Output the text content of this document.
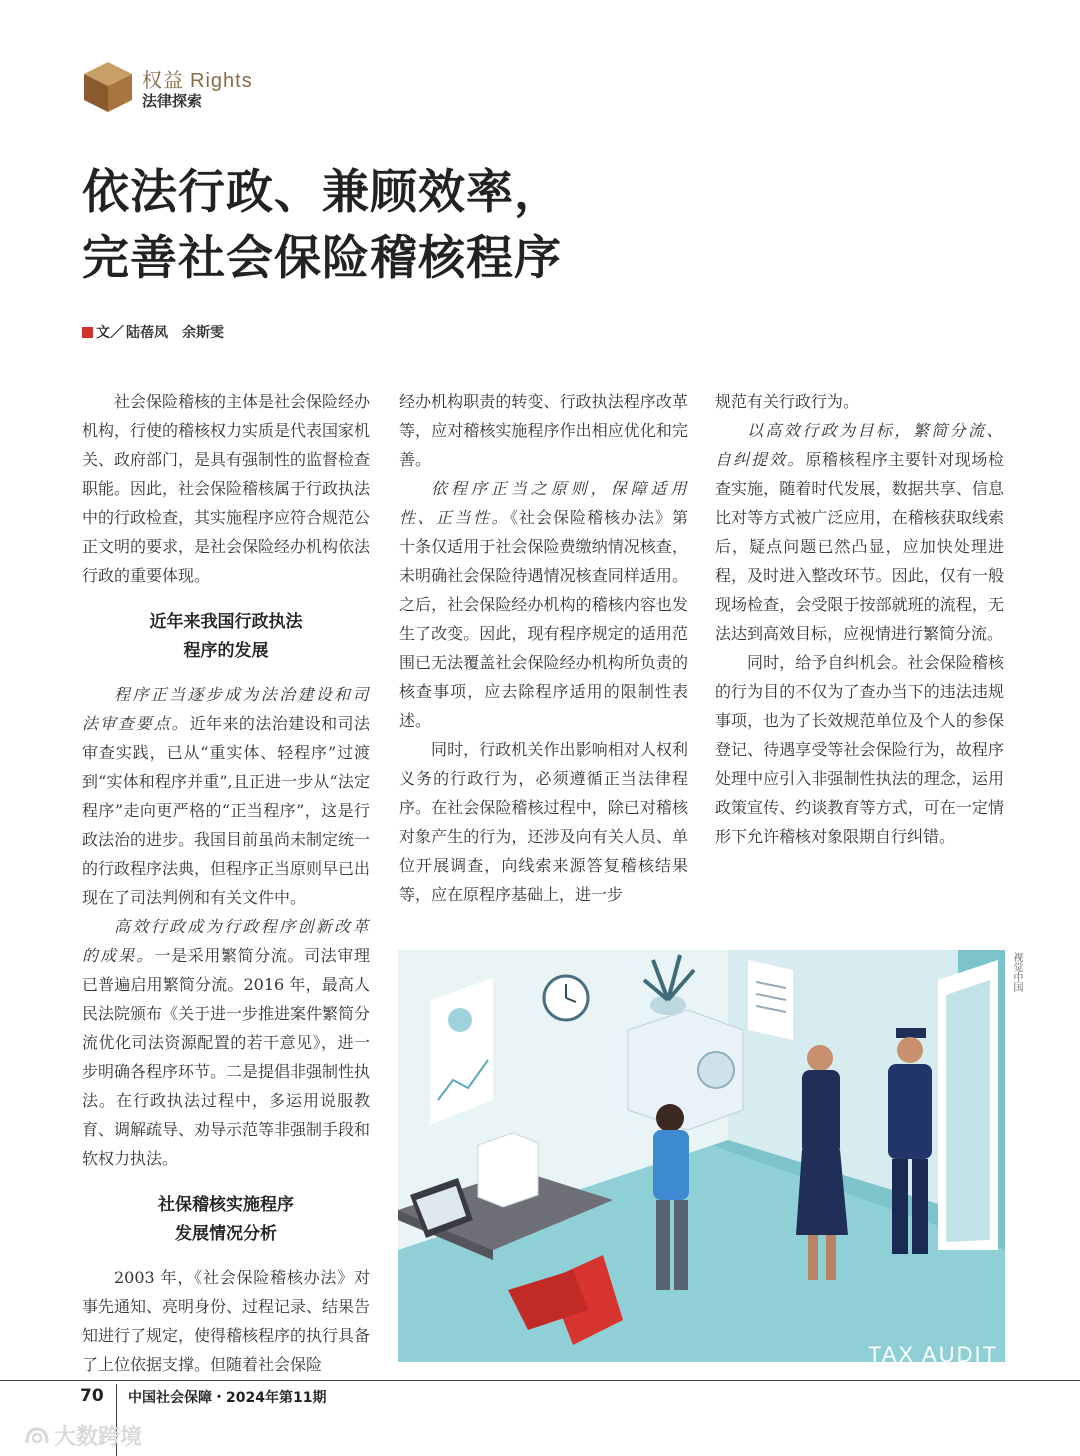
权益 Rights
法律探索
依法行政、兼顾效率，
完善社会保险稽核程序
文／ 陆蓓凤　余斯雯

社会保险稽核的主体是社会保险经办机构，行使的稽核权力实质是代表国家机关、政府部门，是具有强制性的监督检查职能。因此，社会保险稽核属于行政执法中的行政检查，其实施程序应符合规范公正文明的要求，是社会保险经办机构依法行政的重要体现。

近年来我国行政执法
程序的发展

程序正当逐步成为法治建设和司法审查要点。近年来的法治建设和司法审查实践，已从“重实体、轻程序”过渡到“实体和程序并重”,且正进一步从“法定程序”走向更严格的“正当程序”，这是行政法治的进步。我国目前虽尚未制定统一的行政程序法典，但程序正当原则早已出现在了司法判例和有关文件中。

高效行政成为行政程序创新改革的成果。一是采用繁简分流。司法审理已普遍启用繁简分流。2016 年，最高人民法院颁布《关于进一步推进案件繁简分流优化司法资源配置的若干意见》，进一步明确各程序环节。二是提倡非强制性执法。在行政执法过程中，多运用说服教育、调解疏导、劝导示范等非强制手段和软权力执法。

社保稽核实施程序
发展情况分析

2003 年，《社会保险稽核办法》对事先通知、亮明身份、过程记录、结果告知进行了规定，使得稽核程序的执行具备了上位依据支撑。但随着社会保险

经办机构职责的转变、行政执法程序改革等，应对稽核实施程序作出相应优化和完善。

依程序正当之原则，保障适用性、正当性。《社会保险稽核办法》第十条仅适用于社会保险费缴纳情况核查，未明确社会保险待遇情况核查同样适用。之后，社会保险经办机构的稽核内容也发生了改变。因此，现有程序规定的适用范围已无法覆盖社会保险经办机构所负责的核查事项，应去除程序适用的限制性表述。

同时，行政机关作出影响相对人权利义务的行政行为，必须遵循正当法律程序。在社会保险稽核过程中，除已对稽核对象产生的行为，还涉及向有关人员、单位开展调查，向线索来源答复稽核结果等，应在原程序基础上，进一步

规范有关行政行为。

以高效行政为目标，繁简分流、自纠提效。原稽核程序主要针对现场检查实施，随着时代发展，数据共享、信息比对等方式被广泛应用，在稽核获取线索后，疑点问题已然凸显，应加快处理进程，及时进入整改环节。因此，仅有一般现场检查，会受限于按部就班的流程，无法达到高效目标，应视情进行繁简分流。

同时，给予自纠机会。社会保险稽核的行为目的不仅为了查办当下的违法违规事项，也为了长效规范单位及个人的参保登记、待遇享受等社会保险行为，故程序处理中应引入非强制性执法的理念，运用政策宣传、约谈教育等方式，可在一定情形下允许稽核对象限期自行纠错。

TAX AUDIT
视觉中国
70 中国社会保障・2024年第11期
大数跨境
